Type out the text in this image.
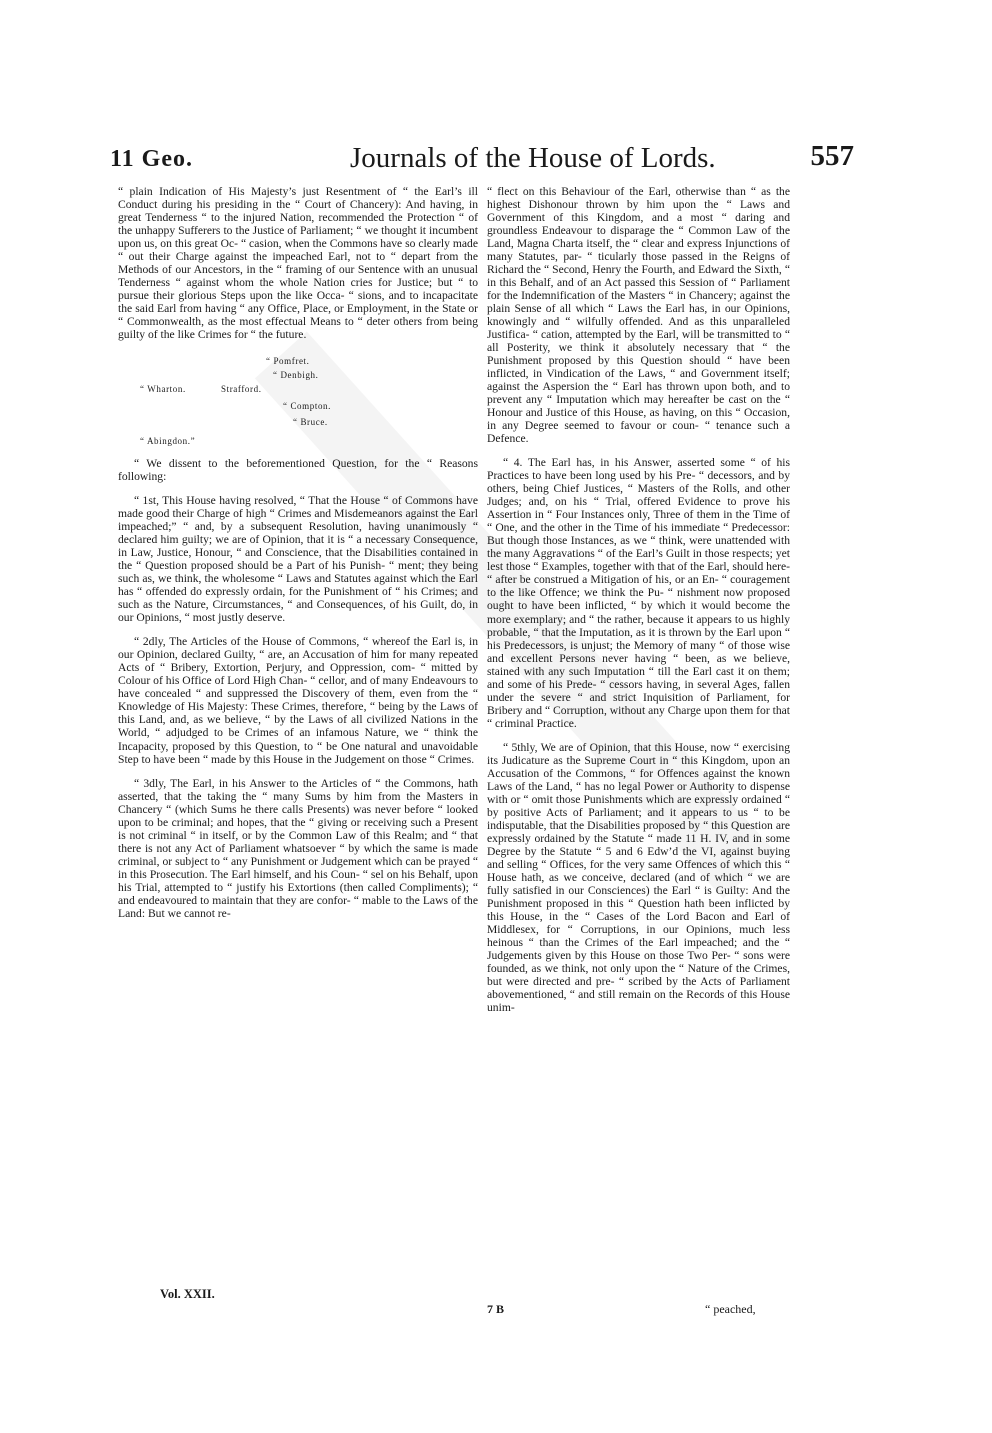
11 Geo.	Journals of the House of Lords.	557

“ plain Indication of His Majesty’s just Resentment of “ the Earl’s ill Conduct during his presiding in the “ Court of Chancery): And having, in great Tenderness “ to the injured Nation, recommended the Protection “ of the unhappy Sufferers to the Justice of Parliament; “ we thought it incumbent upon us, on this great Oc- “ casion, when the Commons have so clearly made “ out their Charge against the impeached Earl, not to “ depart from the Methods of our Ancestors, in the “ framing of our Sentence with an unusual Tenderness “ against whom the whole Nation cries for Justice; but “ to pursue their glorious Steps upon the like Occa- “ sions, and to incapacitate the said Earl from having “ any Office, Place, or Employment, in the State or “ Commonwealth, as the most effectual Means to “ deter others from being guilty of the like Crimes for “ the future.

“ Pomfret.
“ Denbigh.
“ Wharton.	Strafford.
“ Compton.
“ Bruce.
“ Abingdon.”

“ We dissent to the beforementioned Question, for the “ Reasons following:

“ 1st, This House having resolved, “ That the House “ of Commons have made good their Charge of high “ Crimes and Misdemeanors against the Earl impeached;” “ and, by a subsequent Resolution, having unanimously “ declared him guilty; we are of Opinion, that it is “ a necessary Consequence, in Law, Justice, Honour, “ and Conscience, that the Disabilities contained in the “ Question proposed should be a Part of his Punish- “ ment; they being such as, we think, the wholesome “ Laws and Statutes against which the Earl has “ offended do expressly ordain, for the Punishment of “ his Crimes; and such as the Nature, Circumstances, “ and Consequences, of his Guilt, do, in our Opinions, “ most justly deserve.

“ 2dly, The Articles of the House of Commons, “ whereof the Earl is, in our Opinion, declared Guilty, “ are, an Accusation of him for many repeated Acts of “ Bribery, Extortion, Perjury, and Oppression, com- “ mitted by Colour of his Office of Lord High Chan- “ cellor, and of many Endeavours to have concealed “ and suppressed the Discovery of them, even from the “ Knowledge of His Majesty: These Crimes, therefore, “ being by the Laws of this Land, and, as we believe, “ by the Laws of all civilized Nations in the World, “ adjudged to be Crimes of an infamous Nature, we “ think the Incapacity, proposed by this Question, to “ be One natural and unavoidable Step to have been “ made by this House in the Judgement on those “ Crimes.

“ 3dly, The Earl, in his Answer to the Articles of “ the Commons, hath asserted, that the taking the “ many Sums by him from the Masters in Chancery “ (which Sums he there calls Presents) was never before “ looked upon to be criminal; and hopes, that the “ giving or receiving such a Present is not criminal “ in itself, or by the Common Law of this Realm; and “ that there is not any Act of Parliament whatsoever “ by which the same is made criminal, or subject to “ any Punishment or Judgement which can be prayed “ in this Prosecution. The Earl himself, and his Coun- “ sel on his Behalf, upon his Trial, attempted to “ justify his Extortions (then called Compliments); “ and endeavoured to maintain that they are confor- “ mable to the Laws of the Land: But we cannot re-

“ flect on this Behaviour of the Earl, otherwise than “ as the highest Dishonour thrown by him upon the “ Laws and Government of this Kingdom, and a most “ daring and groundless Endeavour to disparage the “ Common Law of the Land, Magna Charta itself, the “ clear and express Injunctions of many Statutes, par- “ ticularly those passed in the Reigns of Richard the “ Second, Henry the Fourth, and Edward the Sixth, “ in this Behalf, and of an Act passed this Session of “ Parliament for the Indemnification of the Masters “ in Chancery; against the plain Sense of all which “ Laws the Earl has, in our Opinions, knowingly and “ wilfully offended. And as this unparalleled Justifica- “ cation, attempted by the Earl, will be transmitted to “ all Posterity, we think it absolutely necessary that “ the Punishment proposed by this Question should “ have been inflicted, in Vindication of the Laws, “ and Government itself; against the Aspersion the “ Earl has thrown upon both, and to prevent any “ Imputation which may hereafter be cast on the “ Honour and Justice of this House, as having, on this “ Occasion, in any Degree seemed to favour or coun- “ tenance such a Defence.

“ 4. The Earl has, in his Answer, asserted some “ of his Practices to have been long used by his Pre- “ decessors, and by others, being Chief Justices, “ Masters of the Rolls, and other Judges; and, on his “ Trial, offered Evidence to prove his Assertion in “ Four Instances only, Three of them in the Time of “ One, and the other in the Time of his immediate “ Predecessor: But though those Instances, as we “ think, were unattended with the many Aggravations “ of the Earl’s Guilt in those respects; yet lest those “ Examples, together with that of the Earl, should here- “ after be construed a Mitigation of his, or an En- “ couragement to the like Offence; we think the Pu- “ nishment now proposed ought to have been inflicted, “ by which it would become the more exemplary; and “ the rather, because it appears to us highly probable, “ that the Imputation, as it is thrown by the Earl upon “ his Predecessors, is unjust; the Memory of many “ of those wise and excellent Persons never having “ been, as we believe, stained with any such Imputation “ till the Earl cast it on them; and some of his Prede- “ cessors having, in several Ages, fallen under the severe “ and strict Inquisition of Parliament, for Bribery and “ Corruption, without any Charge upon them for that “ criminal Practice.

“ 5thly, We are of Opinion, that this House, now “ exercising its Judicature as the Supreme Court in “ this Kingdom, upon an Accusation of the Commons, “ for Offences against the known Laws of the Land, “ has no legal Power or Authority to dispense with or “ omit those Punishments which are expressly ordained “ by positive Acts of Parliament; and it appears to us “ to be indisputable, that the Disabilities proposed by “ this Question are expressly ordained by the Statute “ made 11 H. IV, and in some Degree by the Statute “ 5 and 6 Edw’d the VI, against buying and selling “ Offices, for the very same Offences of which this “ House hath, as we conceive, declared (and of which “ we are fully satisfied in our Consciences) the Earl “ is Guilty: And the Punishment proposed in this “ Question hath been inflicted by this House, in the “ Cases of the Lord Bacon and Earl of Middlesex, for “ Corruptions, in our Opinions, much less heinous “ than the Crimes of the Earl impeached; and the “ Judgements given by this House on those Two Per- “ sons were founded, as we think, not only upon the “ Nature of the Crimes, but were directed and pre- “ scribed by the Acts of Parliament abovementioned, “ and still remain on the Records of this House unim-

Vol. XXII.
7 B	“ peached,
